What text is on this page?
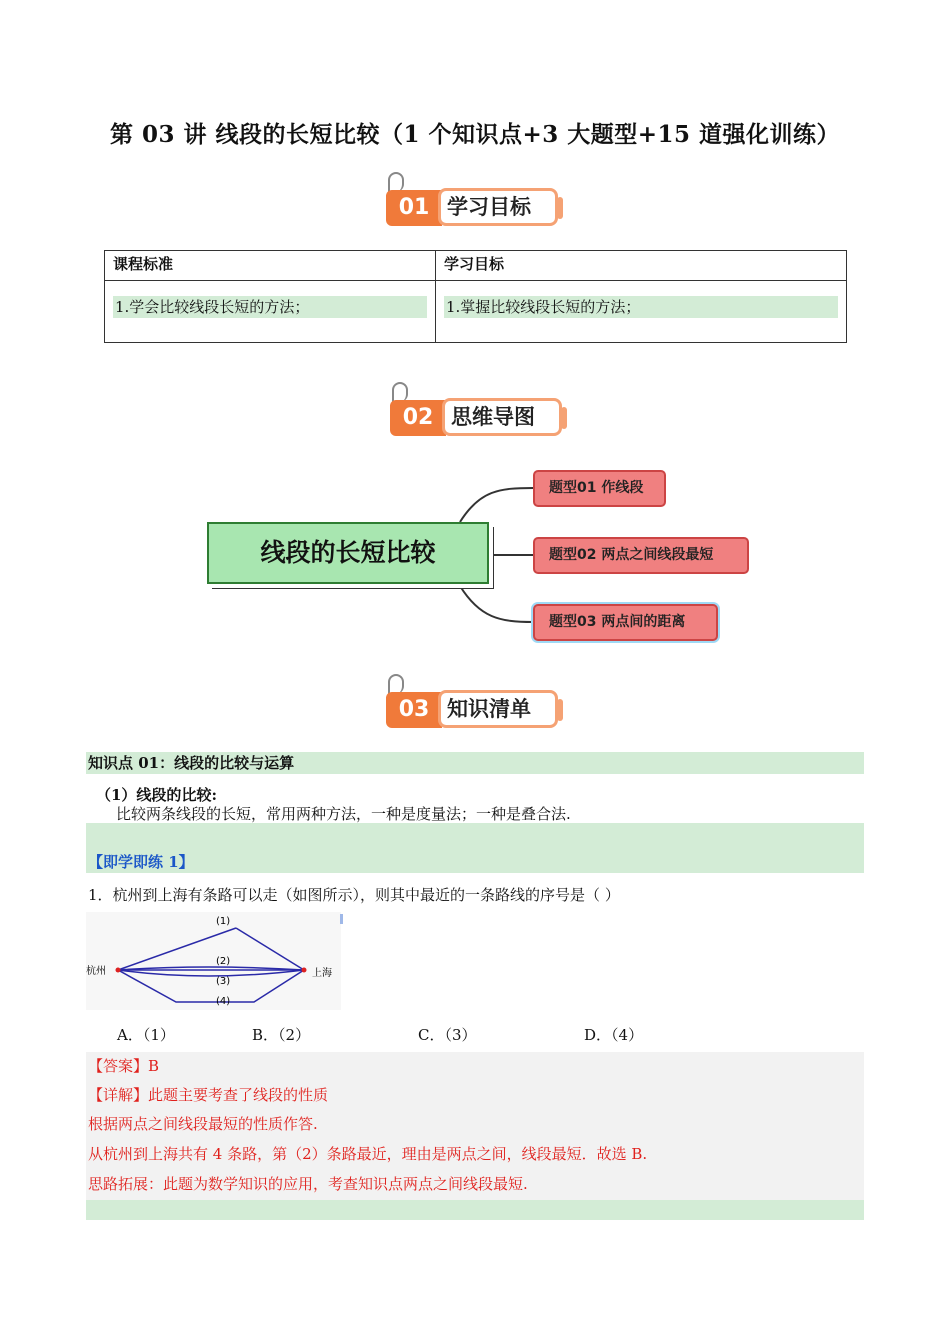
第 03 讲 线段的长短比较（1 个知识点+3 大题型+15 道强化训练）
01 学习目标
课程标准	学习目标

1.学会比较线段长短的方法；	1.掌握比较线段长短的方法；
02 思维导图
线段的长短比较
题型01 作线段
题型02 两点之间线段最短
题型03 两点间的距离
03 知识清单
知识点 01：线段的比较与运算
（1）线段的比较:
比较两条线段的长短，常用两种方法，一种是度量法；一种是叠合法.
【即学即练 1】
1．杭州到上海有条路可以走（如图所示），则其中最近的一条路线的序号是（ ）
杭州	上海
(1)
(2)
(3)
(4)
A．（1）	B．（2）	C．（3）	D．（4）
【答案】B
【详解】此题主要考查了线段的性质
根据两点之间线段最短的性质作答.
从杭州到上海共有 4 条路，第（2）条路最近，理由是两点之间，线段最短．故选 B.
思路拓展：此题为数学知识的应用，考查知识点两点之间线段最短.
